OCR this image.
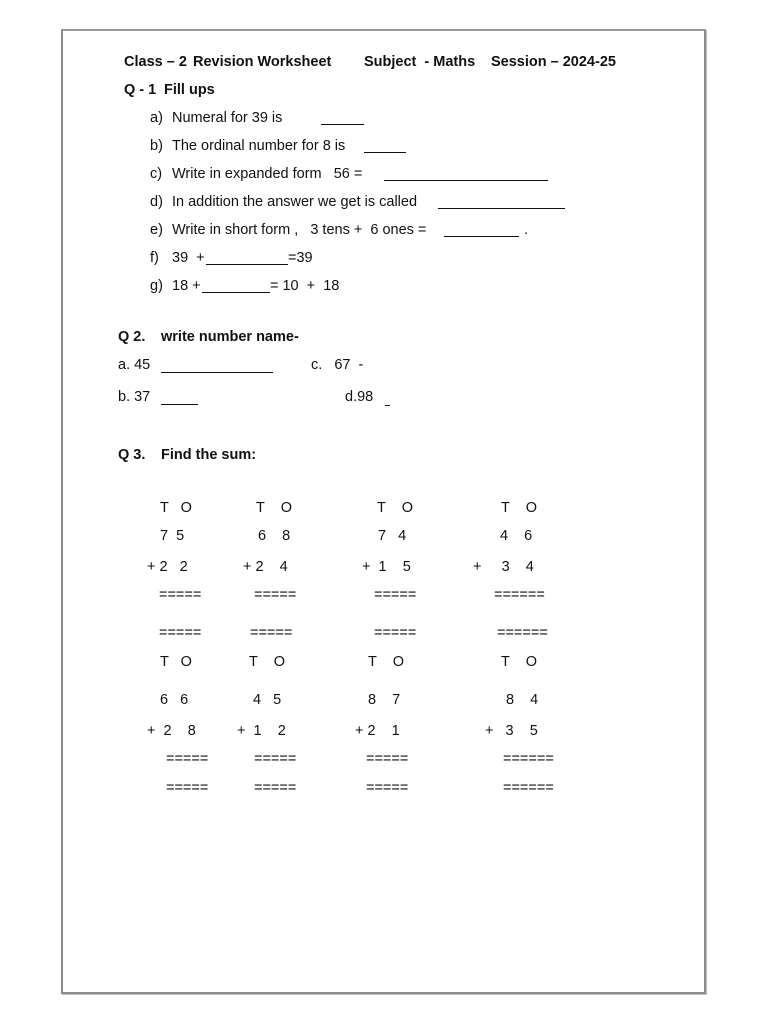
Class – 2 Revision Worksheet Subject  - Maths Session – 2024-25
Q - 1 Fill ups
a) Numeral for 39 is
b) The ordinal number for 8 is
c) Write in expanded form   56 =
d) In addition the answer we get is called
e) Write in short form ,   3 tens +  6 ones =	.
f) 39  +	=39
g) 18 +	= 10  +  18
Q 2. write number name-
a. 45	c.   67  -
b. 37	d.98
Q 3. Find the sum:
T   O
7  5
+ 2   2
=====
=====
T    O
6    8
+ 2    4
=====
=====
T    O
7   4
+  1    5
=====
=====
T    O
4    6
+     3    4
======
======
T   O
6   6
+  2    8
=====
=====
T    O
4   5
+  1    2
=====
=====
T    O
8    7
+ 2    1
=====
=====
T    O
8    4
+   3    5
======
======
